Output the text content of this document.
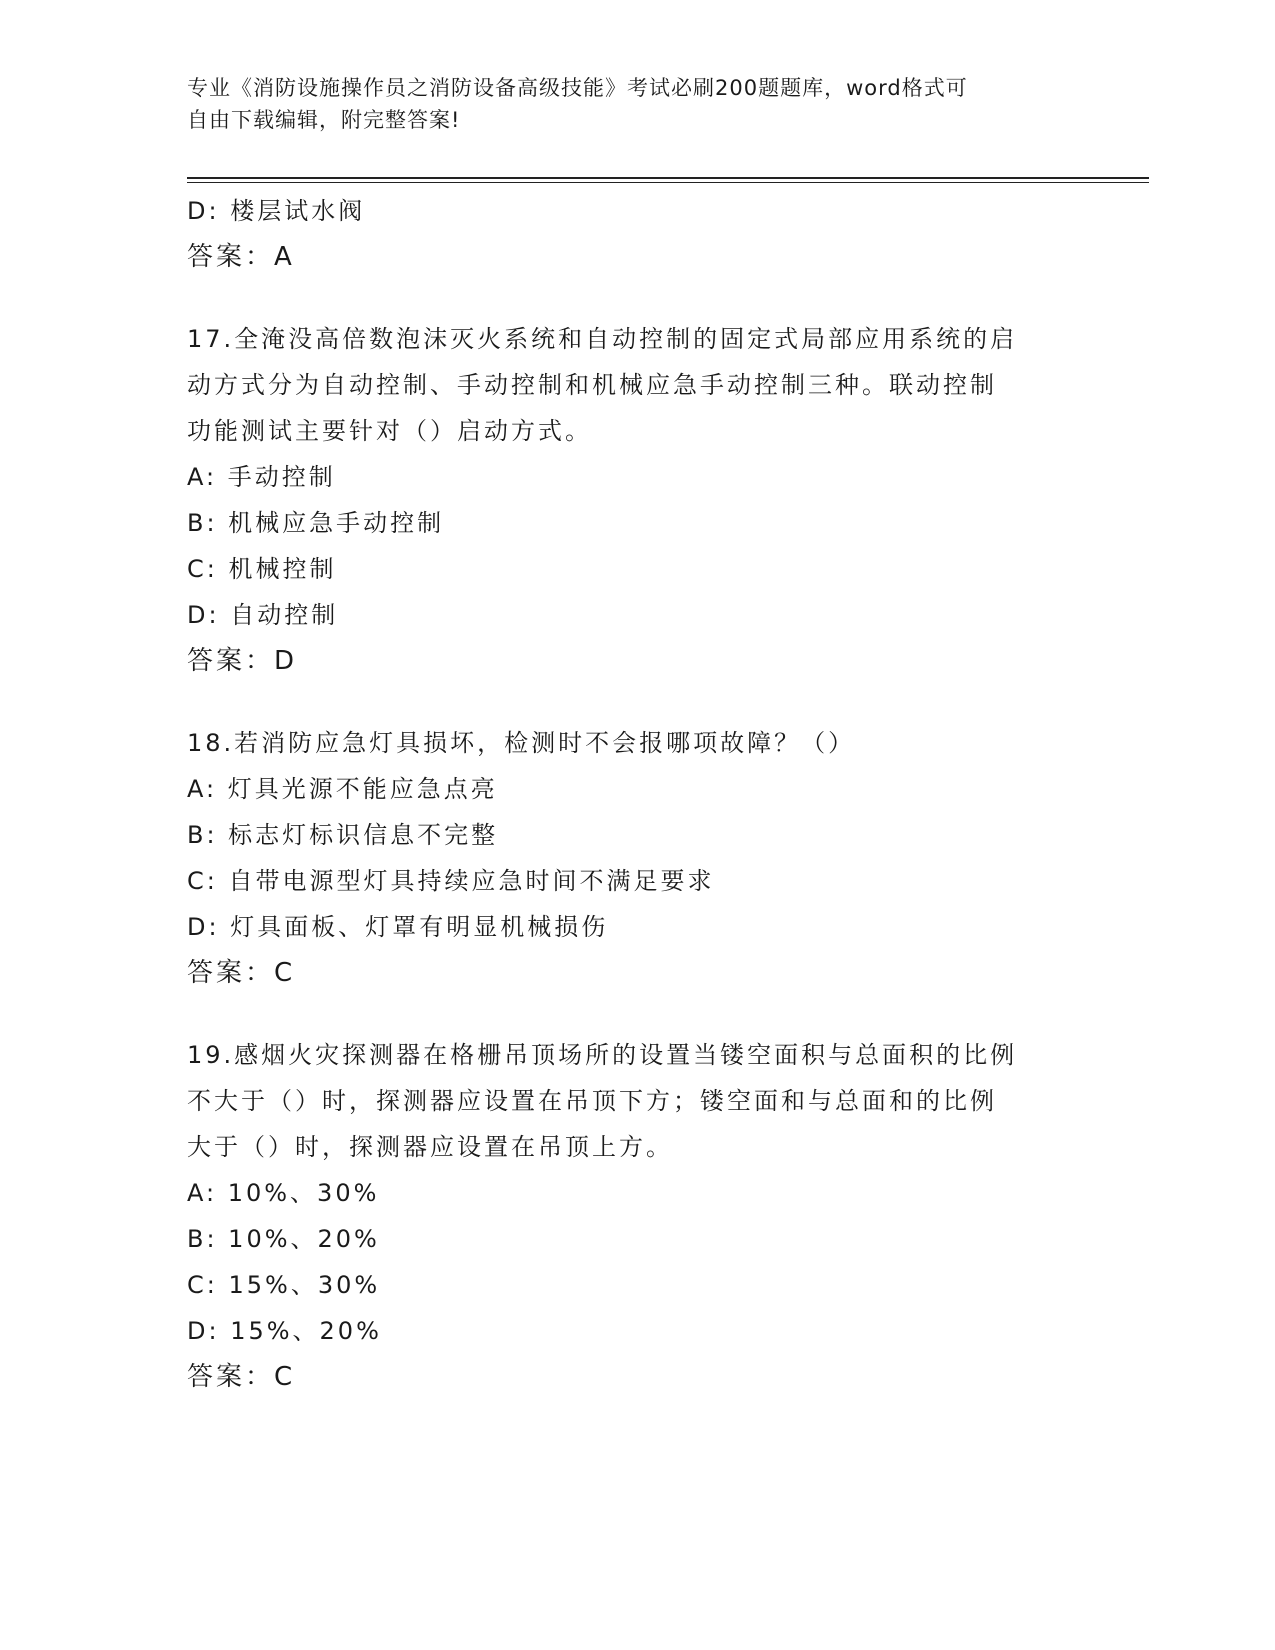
专业《消防设施操作员之消防设备高级技能》考试必刷200题题库，word格式可
自由下载编辑，附完整答案!
D: 楼层试水阀
答案：A
17.全淹没高倍数泡沫灭火系统和自动控制的固定式局部应用系统的启
动方式分为自动控制、手动控制和机械应急手动控制三种。联动控制
功能测试主要针对（）启动方式。
A: 手动控制
B: 机械应急手动控制
C: 机械控制
D: 自动控制
答案：D
18.若消防应急灯具损坏，检测时不会报哪项故障？（）
A: 灯具光源不能应急点亮
B: 标志灯标识信息不完整
C: 自带电源型灯具持续应急时间不满足要求
D: 灯具面板、灯罩有明显机械损伤
答案：C
19.感烟火灾探测器在格栅吊顶场所的设置当镂空面积与总面积的比例
不大于（）时，探测器应设置在吊顶下方；镂空面和与总面和的比例
大于（）时，探测器应设置在吊顶上方。
A: 10%、30%
B: 10%、20%
C: 15%、30%
D: 15%、20%
答案：C
